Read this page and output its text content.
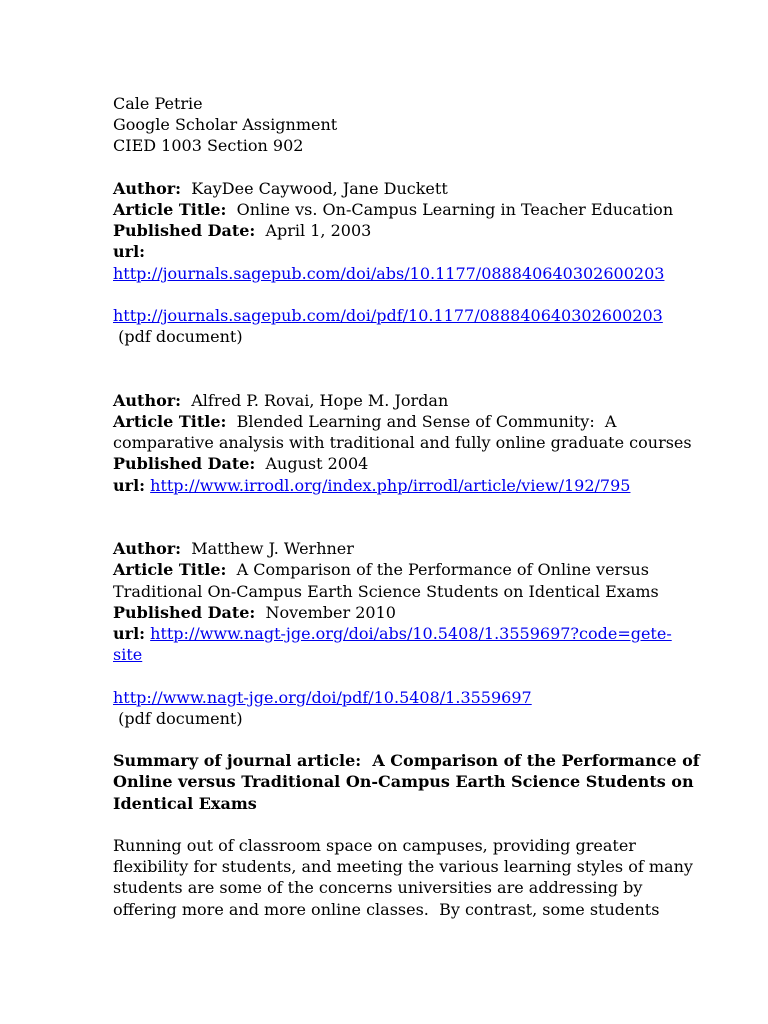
Cale Petrie
Google Scholar Assignment
CIED 1003 Section 902
Author: KayDee Caywood, Jane Duckett
Article Title: Online vs. On-Campus Learning in Teacher Education
Published Date: April 1, 2003
url:
http://journals.sagepub.com/doi/abs/10.1177/088840640302600203
http://journals.sagepub.com/doi/pdf/10.1177/088840640302600203
(pdf document)
Author: Alfred P. Rovai, Hope M. Jordan
Article Title: Blended Learning and Sense of Community:  A
comparative analysis with traditional and fully online graduate courses
Published Date: August 2004
url: http://www.irrodl.org/index.php/irrodl/article/view/192/795
Author: Matthew J. Werhner
Article Title: A Comparison of the Performance of Online versus
Traditional On-Campus Earth Science Students on Identical Exams
Published Date: November 2010
url: http://www.nagt-jge.org/doi/abs/10.5408/1.3559697?code=gete-
site
http://www.nagt-jge.org/doi/pdf/10.5408/1.3559697
(pdf document)
Summary of journal article:  A Comparison of the Performance of
Online versus Traditional On-Campus Earth Science Students on
Identical Exams
Running out of classroom space on campuses, providing greater
flexibility for students, and meeting the various learning styles of many
students are some of the concerns universities are addressing by
offering more and more online classes.  By contrast, some students
